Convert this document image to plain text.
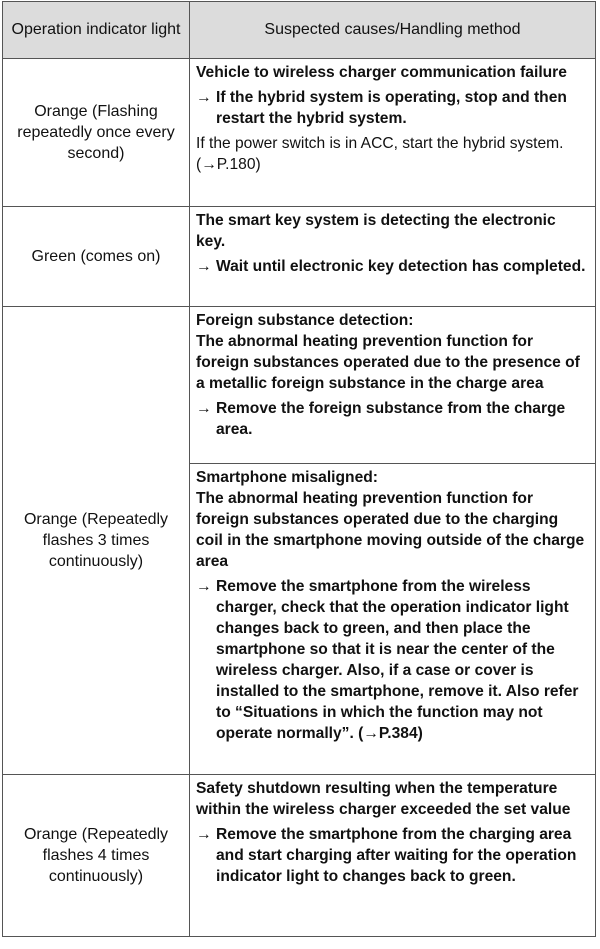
Operation indicator light	Suspected causes/Handling method
Orange (Flashing repeatedly once every second)	Vehicle to wireless charger communication failure

→ If the hybrid system is operating, stop and then restart the hybrid system.

If the power switch is in ACC, start the hybrid system. (→P.180)

Green (comes on)	The smart key system is detecting the electronic key.

→ Wait until electronic key detection has completed.

Orange (Repeatedly flashes 3 times continuously)	Foreign substance detection:

The abnormal heating prevention function for foreign substances operated due to the presence of a metallic foreign substance in the charge area

→ Remove the foreign substance from the charge area.

	Smartphone misaligned:

The abnormal heating prevention function for foreign substances operated due to the charging coil in the smartphone moving outside of the charge area

→ Remove the smartphone from the wireless charger, check that the operation indicator light changes back to green, and then place the smartphone so that it is near the center of the wireless charger. Also, if a case or cover is installed to the smartphone, remove it. Also refer to “Situations in which the function may not operate normally”. (→P.384)

Orange (Repeatedly flashes 4 times continuously)	Safety shutdown resulting when the temperature within the wireless charger exceeded the set value

→ Remove the smartphone from the charging area and start charging after waiting for the operation indicator light to changes back to green.
